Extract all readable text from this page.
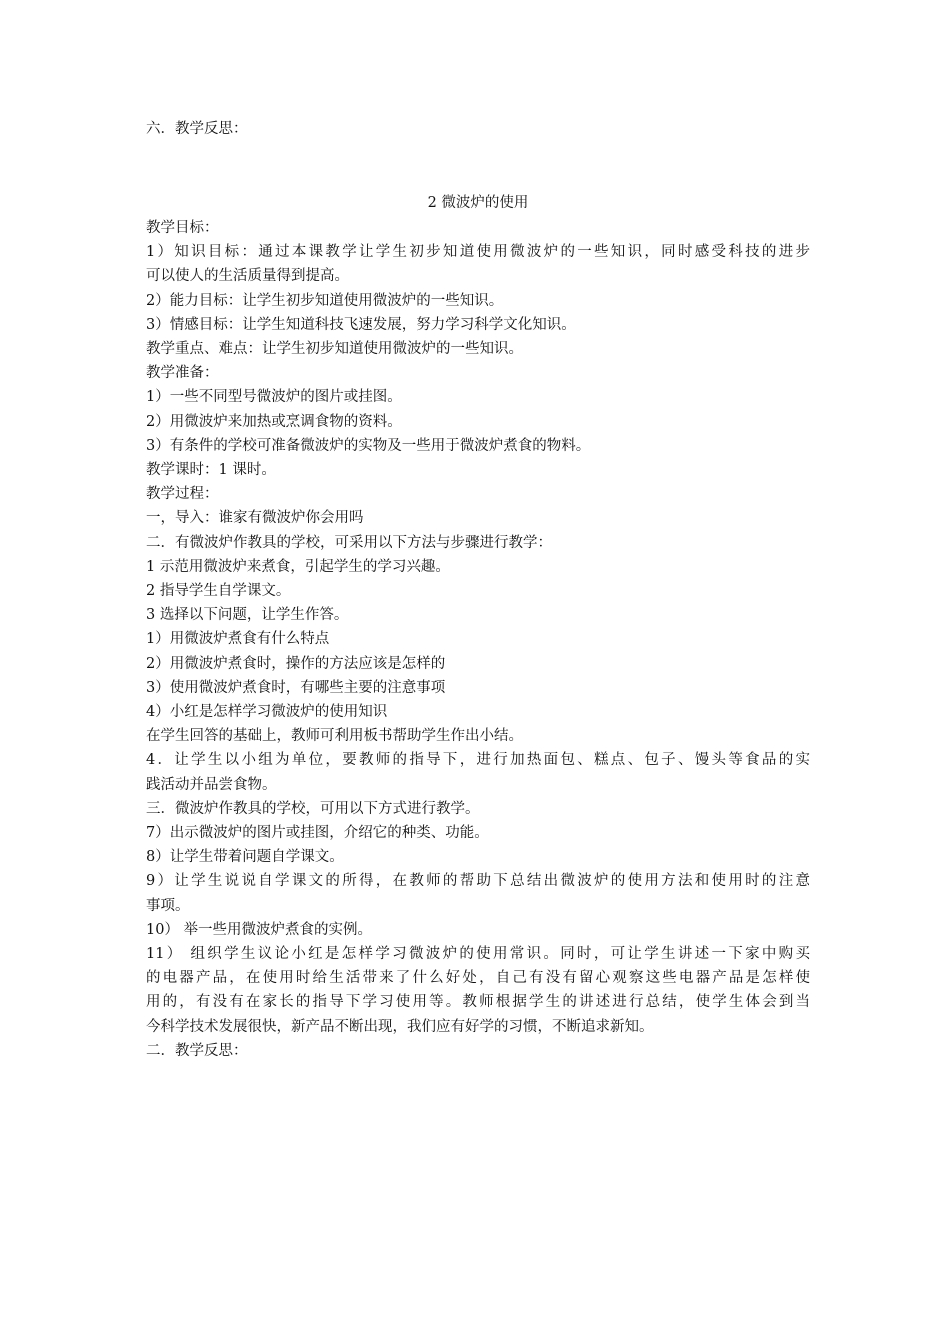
六．教学反思：
2 微波炉的使用
教学目标：
1）知识目标：通过本课教学让学生初步知道使用微波炉的一些知识，同时感受科技的进步
可以使人的生活质量得到提高。
2）能力目标：让学生初步知道使用微波炉的一些知识。
3）情感目标：让学生知道科技飞速发展，努力学习科学文化知识。
教学重点、难点：让学生初步知道使用微波炉的一些知识。
教学准备：
1）一些不同型号微波炉的图片或挂图。
2）用微波炉来加热或烹调食物的资料。
3）有条件的学校可准备微波炉的实物及一些用于微波炉煮食的物料。
教学课时：1 课时。
教学过程：
一，导入：谁家有微波炉你会用吗
二．有微波炉作教具的学校，可采用以下方法与步骤进行教学：
1 示范用微波炉来煮食，引起学生的学习兴趣。
2 指导学生自学课文。
3 选择以下问题，让学生作答。
1）用微波炉煮食有什么特点
2）用微波炉煮食时，操作的方法应该是怎样的
3）使用微波炉煮食时，有哪些主要的注意事项
4）小红是怎样学习微波炉的使用知识
在学生回答的基础上，教师可利用板书帮助学生作出小结。
4．让学生以小组为单位，要教师的指导下，进行加热面包、糕点、包子、馒头等食品的实
践活动并品尝食物。
三．微波炉作教具的学校，可用以下方式进行教学。
7）出示微波炉的图片或挂图，介绍它的种类、功能。
8）让学生带着问题自学课文。
9）让学生说说自学课文的所得，在教师的帮助下总结出微波炉的使用方法和使用时的注意
事项。
10） 举一些用微波炉煮食的实例。
11） 组织学生议论小红是怎样学习微波炉的使用常识。同时，可让学生讲述一下家中购买
的电器产品，在使用时给生活带来了什么好处，自己有没有留心观察这些电器产品是怎样使
用的，有没有在家长的指导下学习使用等。教师根据学生的讲述进行总结，使学生体会到当
今科学技术发展很快，新产品不断出现，我们应有好学的习惯，不断追求新知。
二．教学反思：
